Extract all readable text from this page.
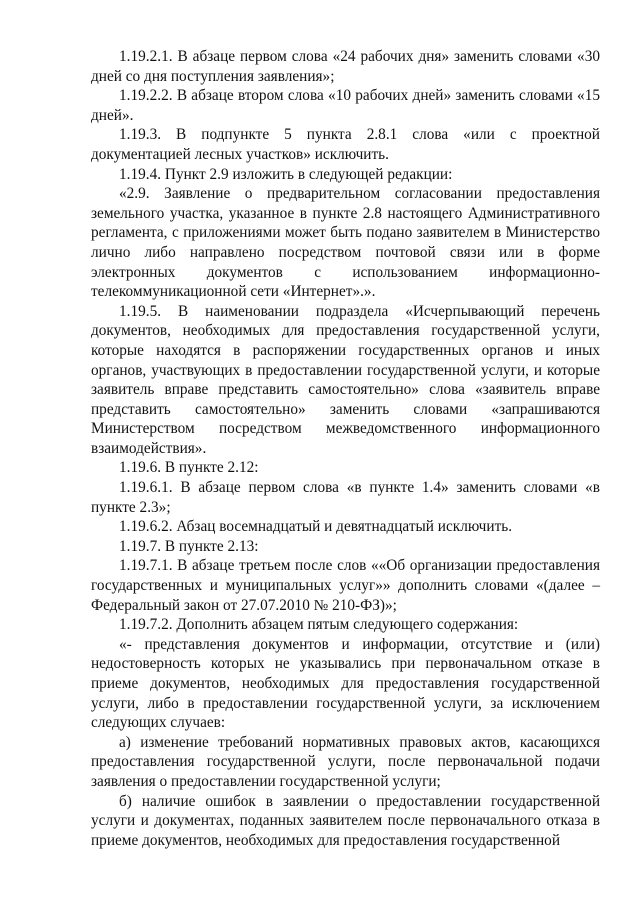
1.19.2.1. В абзаце первом слова «24 рабочих дня» заменить словами «30 дней со дня поступления заявления»;

1.19.2.2. В абзаце втором слова «10 рабочих дней» заменить словами «15 дней».

1.19.3. В подпункте 5 пункта 2.8.1 слова «или с проектной документацией лесных участков» исключить.

1.19.4. Пункт 2.9 изложить в следующей редакции:

«2.9. Заявление о предварительном согласовании предоставления земельного участка, указанное в пункте 2.8 настоящего Административного регламента, с приложениями может быть подано заявителем в Министерство лично либо направлено посредством почтовой связи или в форме электронных документов с использованием информационно-телекоммуникационной сети «Интернет».».

1.19.5. В наименовании подраздела «Исчерпывающий перечень документов, необходимых для предоставления государственной услуги, которые находятся в распоряжении государственных органов и иных органов, участвующих в предоставлении государственной услуги, и которые заявитель вправе представить самостоятельно» слова «заявитель вправе представить самостоятельно» заменить словами «запрашиваются Министерством посредством межведомственного информационного взаимодействия».

1.19.6. В пункте 2.12:

1.19.6.1. В абзаце первом слова «в пункте 1.4» заменить словами «в пункте 2.3»;

1.19.6.2. Абзац восемнадцатый и девятнадцатый исключить.

1.19.7. В пункте 2.13:

1.19.7.1. В абзаце третьем после слов ««Об организации предоставления государственных и муниципальных услуг»» дополнить словами «(далее – Федеральный закон от 27.07.2010 № 210-ФЗ)»;

1.19.7.2. Дополнить абзацем пятым следующего содержания:

«- представления документов и информации, отсутствие и (или) недостоверность которых не указывались при первоначальном отказе в приеме документов, необходимых для предоставления государственной услуги, либо в предоставлении государственной услуги, за исключением следующих случаев:

а) изменение требований нормативных правовых актов, касающихся предоставления государственной услуги, после первоначальной подачи заявления о предоставлении государственной услуги;

б) наличие ошибок в заявлении о предоставлении государственной услуги и документах, поданных заявителем после первоначального отказа в приеме документов, необходимых для предоставления государственной
